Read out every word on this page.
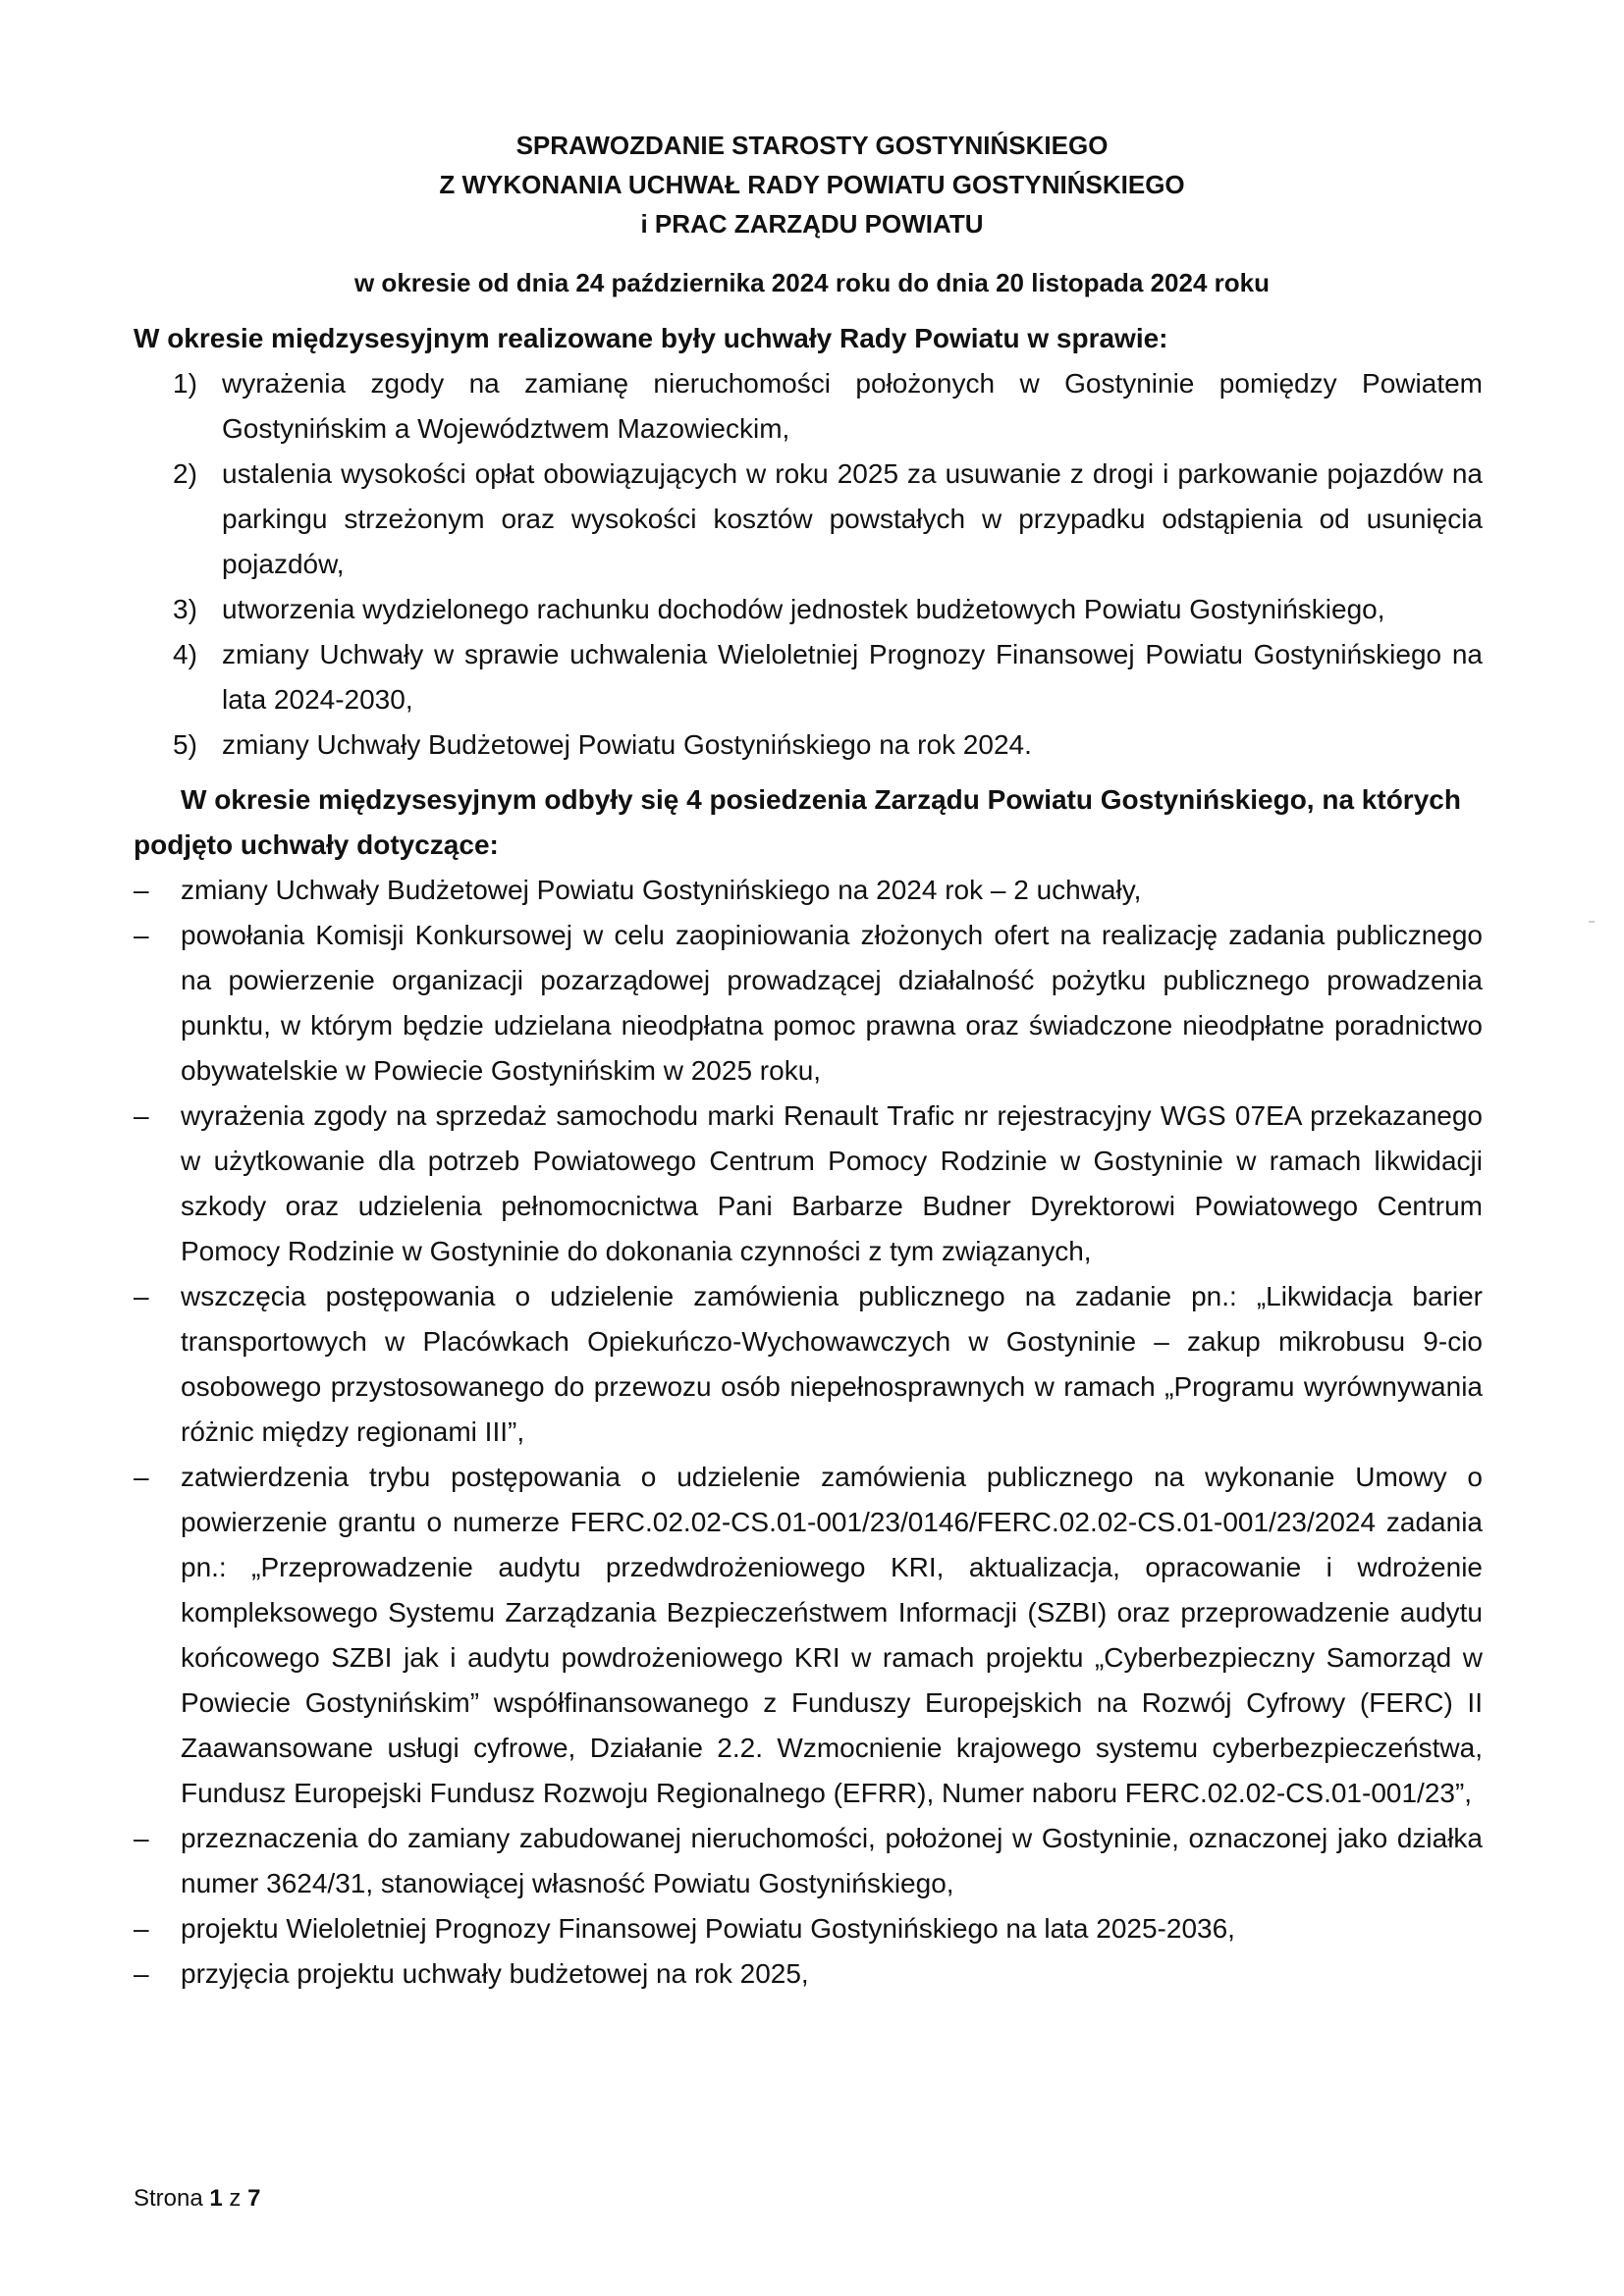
SPRAWOZDANIE STAROSTY GOSTYNIŃSKIEGO
Z WYKONANIA UCHWAŁ RADY POWIATU GOSTYNIŃSKIEGO
i PRAC ZARZĄDU POWIATU
w okresie od dnia 24 października 2024 roku do dnia 20 listopada 2024 roku

W okresie międzysesyjnym realizowane były uchwały Rady Powiatu w sprawie:

1) wyrażenia zgody na zamianę nieruchomości położonych w Gostyninie pomiędzy Powiatem Gostynińskim a Województwem Mazowieckim,
2) ustalenia wysokości opłat obowiązujących w roku 2025 za usuwanie z drogi i parkowanie pojazdów na parkingu strzeżonym oraz wysokości kosztów powstałych w przypadku odstąpienia od usunięcia pojazdów,
3) utworzenia wydzielonego rachunku dochodów jednostek budżetowych Powiatu Gostynińskiego,
4) zmiany Uchwały w sprawie uchwalenia Wieloletniej Prognozy Finansowej Powiatu Gostynińskiego na lata 2024-2030,
5) zmiany Uchwały Budżetowej Powiatu Gostynińskiego na rok 2024.

W okresie międzysesyjnym odbyły się 4 posiedzenia Zarządu Powiatu Gostynińskiego, na których podjęto uchwały dotyczące:

– zmiany Uchwały Budżetowej Powiatu Gostynińskiego na 2024 rok – 2 uchwały,
– powołania Komisji Konkursowej w celu zaopiniowania złożonych ofert na realizację zadania publicznego na powierzenie organizacji pozarządowej prowadzącej działalność pożytku publicznego prowadzenia punktu, w którym będzie udzielana nieodpłatna pomoc prawna oraz świadczone nieodpłatne poradnictwo obywatelskie w Powiecie Gostynińskim w 2025 roku,
– wyrażenia zgody na sprzedaż samochodu marki Renault Trafic nr rejestracyjny WGS 07EA przekazanego w użytkowanie dla potrzeb Powiatowego Centrum Pomocy Rodzinie w Gostyninie w ramach likwidacji szkody oraz udzielenia pełnomocnictwa Pani Barbarze Budner Dyrektorowi Powiatowego Centrum Pomocy Rodzinie w Gostyninie do dokonania czynności z tym związanych,
– wszczęcia postępowania o udzielenie zamówienia publicznego na zadanie pn.: „Likwidacja barier transportowych w Placówkach Opiekuńczo-Wychowawczych w Gostyninie – zakup mikrobusu 9-cio osobowego przystosowanego do przewozu osób niepełnosprawnych w ramach „Programu wyrównywania różnic między regionami III”,
– zatwierdzenia trybu postępowania o udzielenie zamówienia publicznego na wykonanie Umowy o powierzenie grantu o numerze FERC.02.02-CS.01-001/23/0146/FERC.02.02-CS.01-001/23/2024 zadania pn.: „Przeprowadzenie audytu przedwdrożeniowego KRI, aktualizacja, opracowanie i wdrożenie kompleksowego Systemu Zarządzania Bezpieczeństwem Informacji (SZBI) oraz przeprowadzenie audytu końcowego SZBI jak i audytu powdrożeniowego KRI w ramach projektu „Cyberbezpieczny Samorząd w Powiecie Gostynińskim” współfinansowanego z Funduszy Europejskich na Rozwój Cyfrowy (FERC) II Zaawansowane usługi cyfrowe, Działanie 2.2. Wzmocnienie krajowego systemu cyberbezpieczeństwa, Fundusz Europejski Fundusz Rozwoju Regionalnego (EFRR), Numer naboru FERC.02.02-CS.01-001/23”,
– przeznaczenia do zamiany zabudowanej nieruchomości, położonej w Gostyninie, oznaczonej jako działka numer 3624/31, stanowiącej własność Powiatu Gostynińskiego,
– projektu Wieloletniej Prognozy Finansowej Powiatu Gostynińskiego na lata 2025-2036,
– przyjęcia projektu uchwały budżetowej na rok 2025,
Strona 1 z 7
